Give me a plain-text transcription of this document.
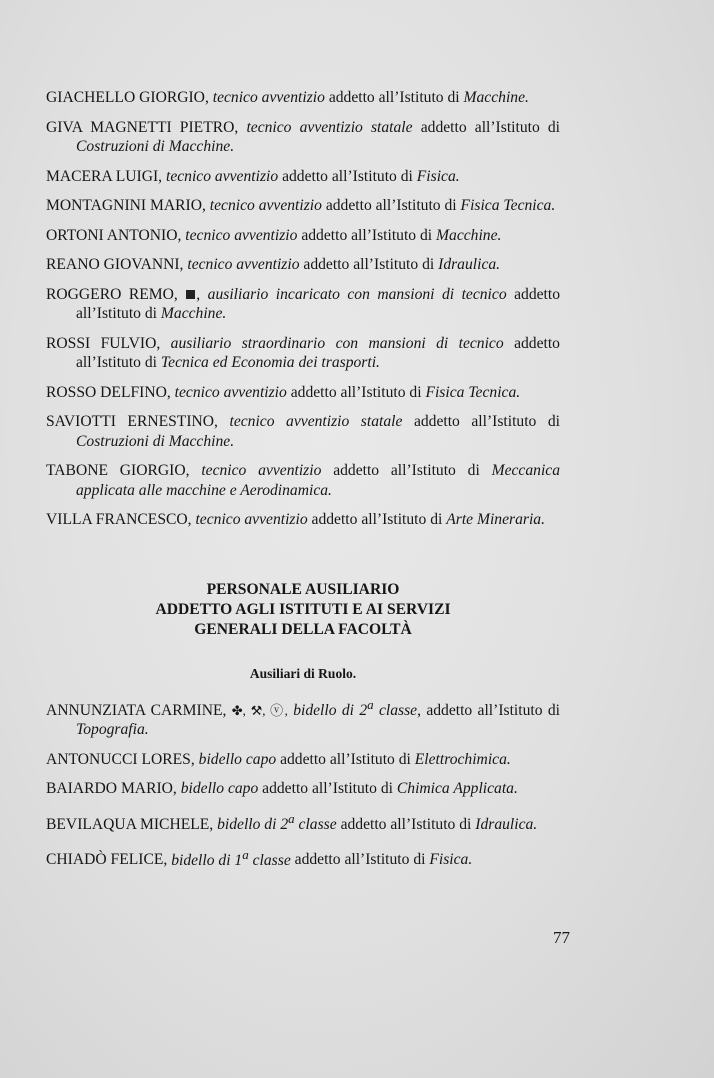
GIACHELLO GIORGIO, tecnico avventizio addetto all’Istituto di Macchine.

GIVA MAGNETTI PIETRO, tecnico avventizio statale addetto all’Istituto di Costruzioni di Macchine.

MACERA LUIGI, tecnico avventizio addetto all’Istituto di Fisica.

MONTAGNINI MARIO, tecnico avventizio addetto all’Istituto di Fisica Tecnica.

ORTONI ANTONIO, tecnico avventizio addetto all’Istituto di Macchine.

REANO GIOVANNI, tecnico avventizio addetto all’Istituto di Idraulica.

ROGGERO REMO, , ausiliario incaricato con mansioni di tecnico addetto all’Istituto di Macchine.

ROSSI FULVIO, ausiliario straordinario con mansioni di tecnico addetto all’Istituto di Tecnica ed Economia dei trasporti.

ROSSO DELFINO, tecnico avventizio addetto all’Istituto di Fisica Tecnica.

SAVIOTTI ERNESTINO, tecnico avventizio statale addetto all’Istituto di Costruzioni di Macchine.

TABONE GIORGIO, tecnico avventizio addetto all’Istituto di Meccanica applicata alle macchine e Aerodinamica.

VILLA FRANCESCO, tecnico avventizio addetto all’Istituto di Arte Mineraria.

PERSONALE AUSILIARIO
ADDETTO AGLI ISTITUTI E AI SERVIZI
GENERALI DELLA FACOLTÀ
Ausiliari di Ruolo.

ANNUNZIATA CARMINE, ✤, ⚒, ⓥ, bidello di 2$^a$ classe, addetto all’Istituto di Topografia.

ANTONUCCI LORES, bidello capo addetto all’Istituto di Elettrochimica.

BAIARDO MARIO, bidello capo addetto all’Istituto di Chimica Applicata.

BEVILAQUA MICHELE, bidello di 2$^a$ classe addetto all’Istituto di Idraulica.

CHIADÒ FELICE, bidello di 1$^a$ classe addetto all’Istituto di Fisica.

77
